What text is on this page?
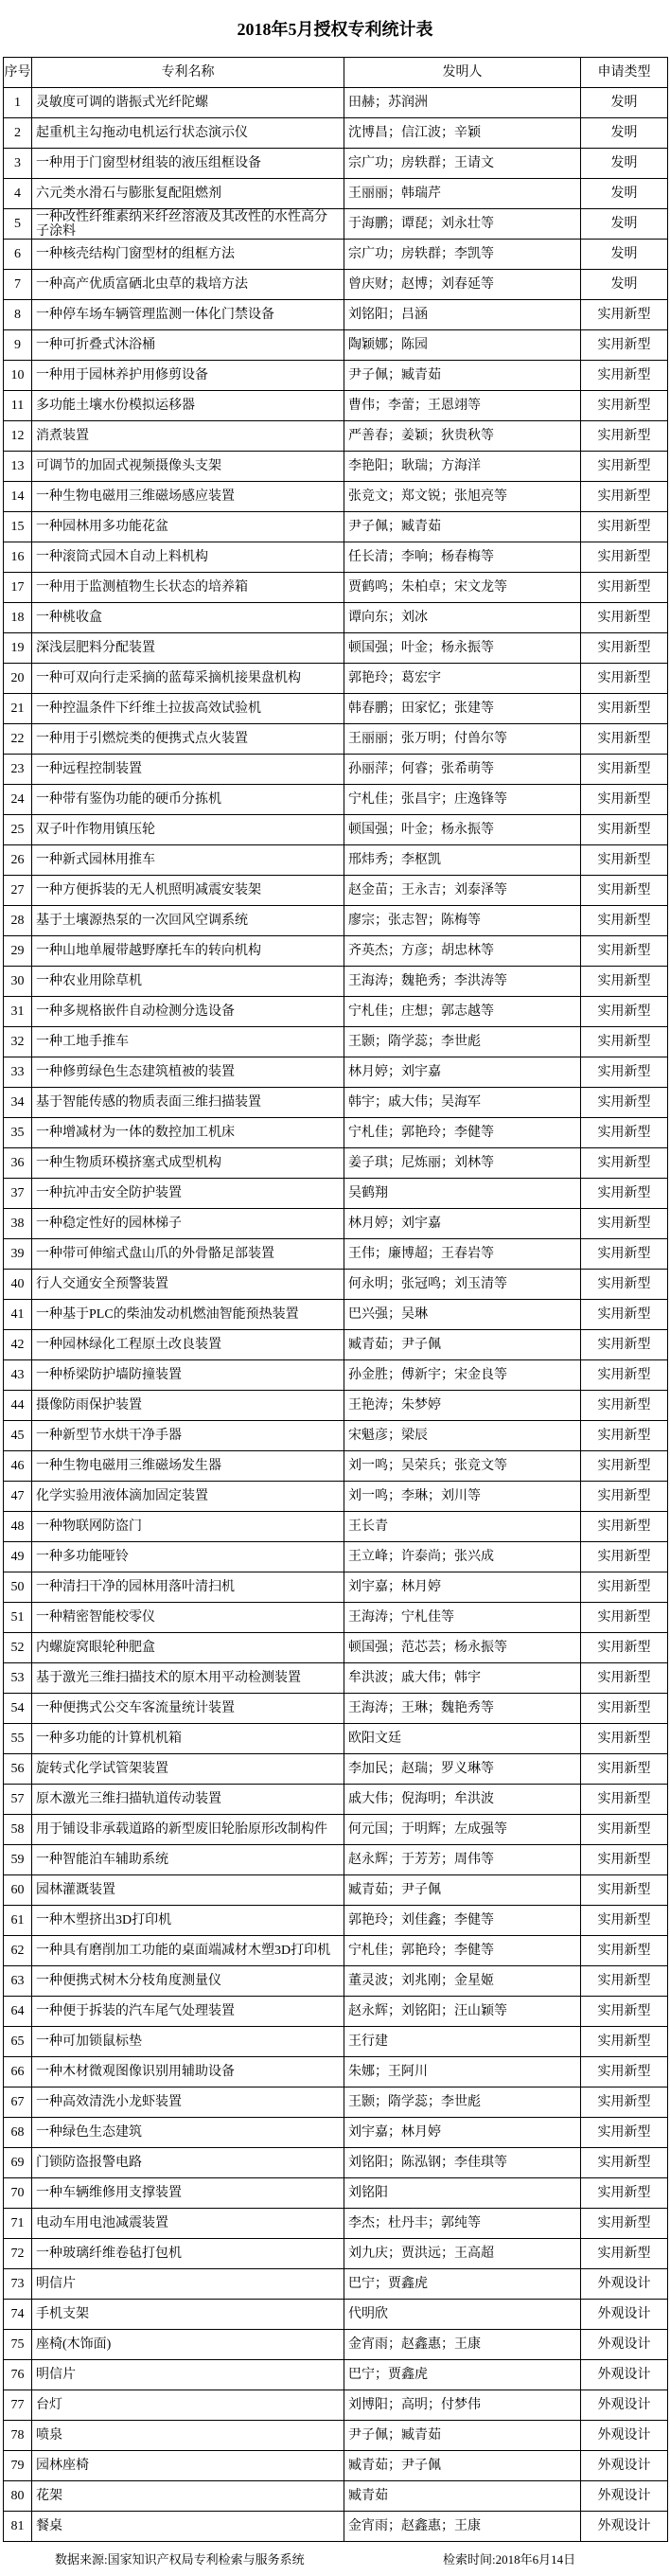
2018年5月授权专利统计表
序号	专利名称	发明人	申请类型

1	灵敏度可调的谐振式光纤陀螺	田赫；苏润洲	发明

2	起重机主勾拖动电机运行状态演示仪	沈博昌；信江波；辛颖	发明

3	一种用于门窗型材组装的液压组框设备	宗广功；房轶群；王请文	发明

4	六元类水滑石与膨胀复配阻燃剂	王丽丽；韩瑞芹	发明

5	一种改性纤维素纳米纤丝溶液及其改性的水性高分子涂料	于海鹏；谭琵；刘永壮等	发明

6	一种核壳结构门窗型材的组框方法	宗广功；房轶群；李凯等	发明

7	一种高产优质富硒北虫草的栽培方法	曾庆财；赵博；刘春延等	发明

8	一种停车场车辆管理监测一体化门禁设备	刘铭阳；吕涵	实用新型

9	一种可折叠式沐浴桶	陶颖娜；陈园	实用新型

10	一种用于园林养护用修剪设备	尹子佩；臧青茹	实用新型

11	多功能土壤水份模拟运移器	曹伟；李蕾；王恩翊等	实用新型

12	消煮装置	严善春；姜颖；狄贵秋等	实用新型

13	可调节的加固式视频摄像头支架	李艳阳；耿瑞；方海洋	实用新型

14	一种生物电磁用三维磁场感应装置	张竞文；郑文锐；张旭亮等	实用新型

15	一种园林用多功能花盆	尹子佩；臧青茹	实用新型

16	一种滚筒式园木自动上料机构	任长清；李响；杨春梅等	实用新型

17	一种用于监测植物生长状态的培养箱	贾鹤鸣；朱柏卓；宋文龙等	实用新型

18	一种桃收盒	谭向东；刘冰	实用新型

19	深浅层肥料分配装置	顿国强；叶金；杨永振等	实用新型

20	一种可双向行走采摘的蓝莓采摘机接果盘机构	郭艳玲；葛宏宇	实用新型

21	一种控温条件下纤维土拉拔高效试验机	韩春鹏；田家忆；张建等	实用新型

22	一种用于引燃烷类的便携式点火装置	王丽丽；张万明；付兽尔等	实用新型

23	一种远程控制装置	孙丽萍；何睿；张希萌等	实用新型

24	一种带有鉴伪功能的硬币分拣机	宁札佳；张昌宇；庄逸锋等	实用新型

25	双子叶作物用镇压轮	顿国强；叶金；杨永振等	实用新型

26	一种新式园林用推车	邢炜秀；李枢凯	实用新型

27	一种方便拆装的无人机照明减震安装架	赵金苗；王永吉；刘泰泽等	实用新型

28	基于土壤源热泵的一次回风空调系统	廖宗；张志智；陈梅等	实用新型

29	一种山地单履带越野摩托车的转向机构	齐英杰；方彦；胡忠林等	实用新型

30	一种农业用除草机	王海涛；魏艳秀；李洪涛等	实用新型

31	一种多规格嵌件自动检测分选设备	宁札佳；庄想；郭志越等	实用新型

32	一种工地手推车	王颢；隋学蕊；李世彪	实用新型

33	一种修剪绿色生态建筑植被的装置	林月婷；刘宇嘉	实用新型

34	基于智能传感的物质表面三维扫描装置	韩宇；戚大伟；吴海军	实用新型

35	一种增减材为一体的数控加工机床	宁札佳；郭艳玲；李健等	实用新型

36	一种生物质环模挤塞式成型机构	姜子琪；尼炼丽；刘林等	实用新型

37	一种抗冲击安全防护装置	吴鹤翔	实用新型

38	一种稳定性好的园林梯子	林月婷；刘宇嘉	实用新型

39	一种带可伸缩式盘山爪的外骨骼足部装置	王伟；廉博超；王春岩等	实用新型

40	行人交通安全预警装置	何永明；张冠鸣；刘玉清等	实用新型

41	一种基于PLC的柴油发动机燃油智能预热装置	巴兴强；吴琳	实用新型

42	一种园林绿化工程原土改良装置	臧青茹；尹子佩	实用新型

43	一种桥梁防护墙防撞装置	孙金胜；傅新宇；宋金良等	实用新型

44	摄像防雨保护装置	王艳涛；朱梦婷	实用新型

45	一种新型节水烘干净手器	宋魁彦；梁辰	实用新型

46	一种生物电磁用三维磁场发生器	刘一鸣；吴荣兵；张竞文等	实用新型

47	化学实验用液体滴加固定装置	刘一鸣；李琳；刘川等	实用新型

48	一种物联网防盗门	王长青	实用新型

49	一种多功能哑铃	王立峰；许泰尚；张兴成	实用新型

50	一种清扫干净的园林用落叶清扫机	刘宇嘉；林月婷	实用新型

51	一种精密智能校零仪	王海涛；宁札佳等	实用新型

52	内螺旋窝眼轮种肥盒	顿国强；范芯芸；杨永振等	实用新型

53	基于激光三维扫描技术的原木用平动检测装置	牟洪波；戚大伟；韩宇	实用新型

54	一种便携式公交车客流量统计装置	王海涛；王琳；魏艳秀等	实用新型

55	一种多功能的计算机机箱	欧阳文廷	实用新型

56	旋转式化学试管架装置	李加民；赵瑞；罗义琳等	实用新型

57	原木激光三维扫描轨道传动装置	戚大伟；倪海明；牟洪波	实用新型

58	用于铺设非承载道路的新型废旧轮胎原形改制构件	何元国；于明辉；左成强等	实用新型

59	一种智能泊车辅助系统	赵永辉；于芳芳；周伟等	实用新型

60	园林灌溉装置	臧青茹；尹子佩	实用新型

61	一种木塑挤出3D打印机	郭艳玲；刘佳鑫；李健等	实用新型

62	一种具有磨削加工功能的桌面端减材木塑3D打印机	宁札佳；郭艳玲；李健等	实用新型

63	一种便携式树木分枝角度测量仪	董灵波；刘兆刚；金星姬	实用新型

64	一种便于拆装的汽车尾气处理装置	赵永辉；刘铭阳；汪山颖等	实用新型

65	一种可加锁鼠标垫	王行建	实用新型

66	一种木材微观图像识别用辅助设备	朱娜；王阿川	实用新型

67	一种高效清洗小龙虾装置	王颢；隋学蕊；李世彪	实用新型

68	一种绿色生态建筑	刘宇嘉；林月婷	实用新型

69	门锁防盗报警电路	刘铭阳；陈泓钢；李佳琪等	实用新型

70	一种车辆维修用支撑装置	刘铭阳	实用新型

71	电动车用电池减震装置	李杰；杜丹丰；郭纯等	实用新型

72	一种玻璃纤维卷毡打包机	刘九庆；贾洪远；王高超	实用新型

73	明信片	巴宁；贾鑫虎	外观设计

74	手机支架	代明欣	外观设计

75	座椅(木饰面)	金宵雨；赵鑫惠；王康	外观设计

76	明信片	巴宁；贾鑫虎	外观设计

77	台灯	刘博阳；高明；付梦伟	外观设计

78	喷泉	尹子佩；臧青茹	外观设计

79	园林座椅	臧青茹；尹子佩	外观设计

80	花架	臧青茹	外观设计

81	餐桌	金宵雨；赵鑫惠；王康	外观设计
数据来源:国家知识产权局专利检索与服务系统	检索时间:2018年6月14日
